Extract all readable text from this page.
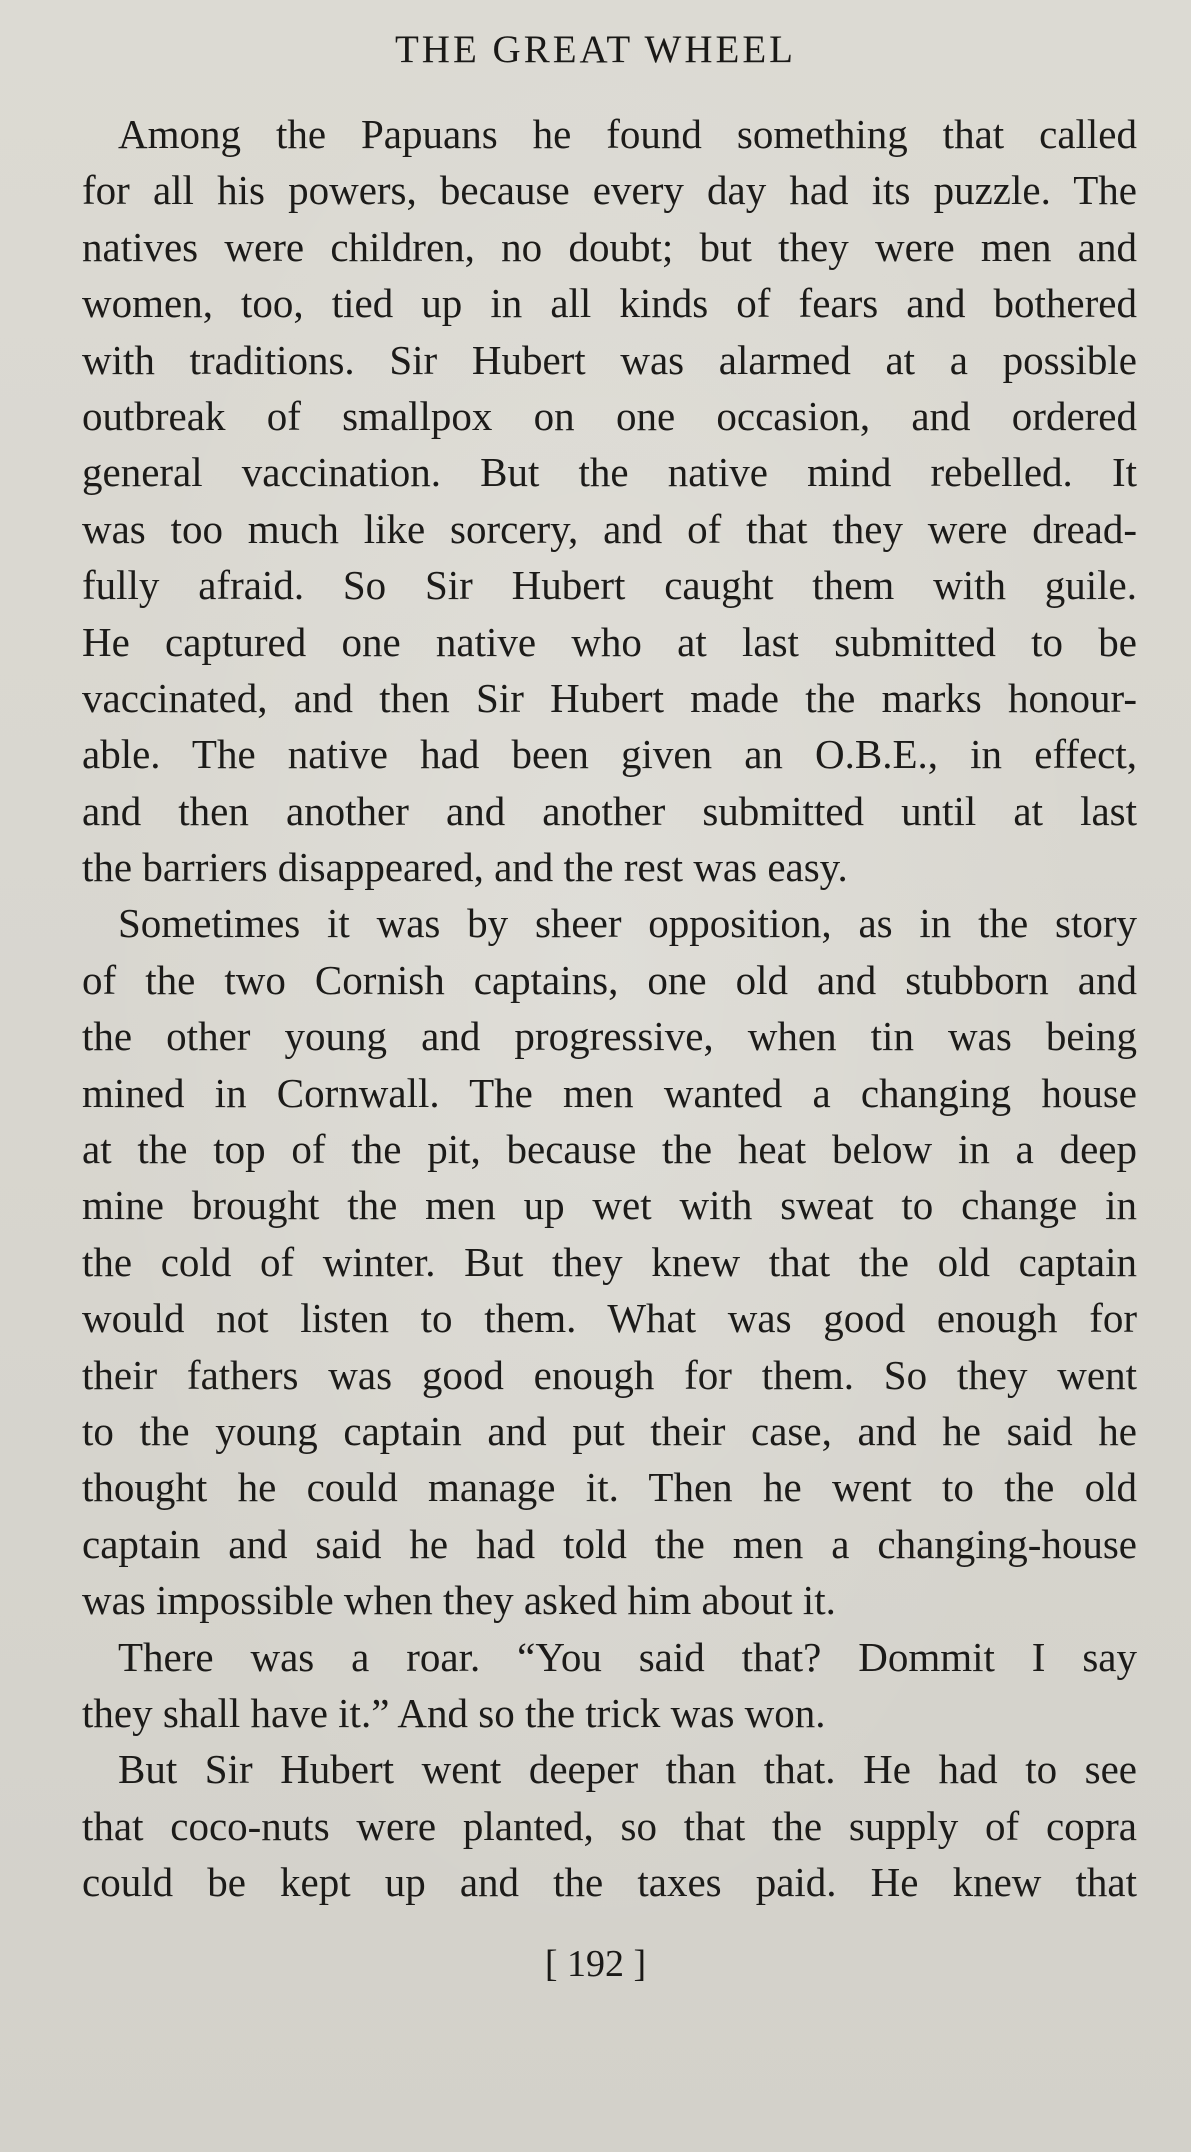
THE GREAT WHEEL
Among the Papuans he found something that called
for all his powers, because every day had its puzzle. The
natives were children, no doubt; but they were men and
women, too, tied up in all kinds of fears and bothered
with traditions. Sir Hubert was alarmed at a possible
outbreak of smallpox on one occasion, and ordered
general vaccination. But the native mind rebelled. It
was too much like sorcery, and of that they were dread-
fully afraid. So Sir Hubert caught them with guile.
He captured one native who at last submitted to be
vaccinated, and then Sir Hubert made the marks honour-
able. The native had been given an O.B.E., in effect,
and then another and another submitted until at last
the barriers disappeared, and the rest was easy.
Sometimes it was by sheer opposition, as in the story
of the two Cornish captains, one old and stubborn and
the other young and progressive, when tin was being
mined in Cornwall. The men wanted a changing house
at the top of the pit, because the heat below in a deep
mine brought the men up wet with sweat to change in
the cold of winter. But they knew that the old captain
would not listen to them. What was good enough for
their fathers was good enough for them. So they went
to the young captain and put their case, and he said he
thought he could manage it. Then he went to the old
captain and said he had told the men a changing-house
was impossible when they asked him about it.
There was a roar. “You said that? Dommit I say
they shall have it.” And so the trick was won.
But Sir Hubert went deeper than that. He had to see
that coco-nuts were planted, so that the supply of copra
could be kept up and the taxes paid. He knew that
[ 192 ]
